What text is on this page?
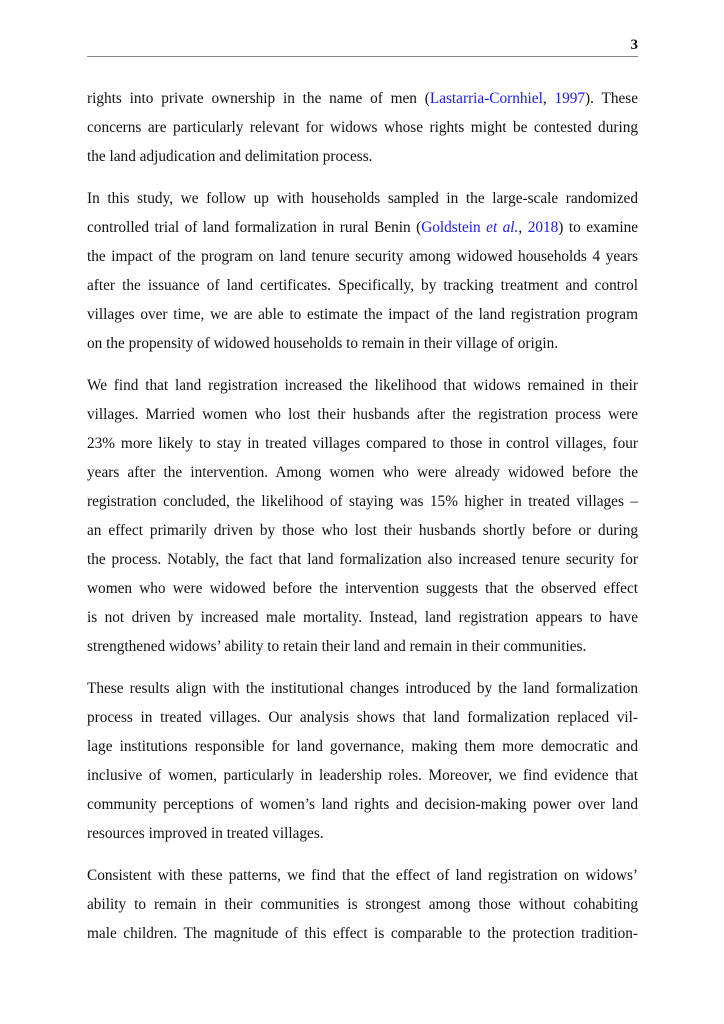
3
rights into private ownership in the name of men (Lastarria-Cornhiel, 1997). These
concerns are particularly relevant for widows whose rights might be contested during
the land adjudication and delimitation process.
In this study, we follow up with households sampled in the large-scale randomized
controlled trial of land formalization in rural Benin (Goldstein et al., 2018) to examine
the impact of the program on land tenure security among widowed households 4 years
after the issuance of land certificates. Specifically, by tracking treatment and control
villages over time, we are able to estimate the impact of the land registration program
on the propensity of widowed households to remain in their village of origin.
We find that land registration increased the likelihood that widows remained in their
villages. Married women who lost their husbands after the registration process were
23% more likely to stay in treated villages compared to those in control villages, four
years after the intervention. Among women who were already widowed before the
registration concluded, the likelihood of staying was 15% higher in treated villages –
an effect primarily driven by those who lost their husbands shortly before or during
the process. Notably, the fact that land formalization also increased tenure security for
women who were widowed before the intervention suggests that the observed effect
is not driven by increased male mortality. Instead, land registration appears to have
strengthened widows’ ability to retain their land and remain in their communities.
These results align with the institutional changes introduced by the land formalization
process in treated villages. Our analysis shows that land formalization replaced vil-
lage institutions responsible for land governance, making them more democratic and
inclusive of women, particularly in leadership roles. Moreover, we find evidence that
community perceptions of women’s land rights and decision-making power over land
resources improved in treated villages.
Consistent with these patterns, we find that the effect of land registration on widows’
ability to remain in their communities is strongest among those without cohabiting
male children. The magnitude of this effect is comparable to the protection tradition-
